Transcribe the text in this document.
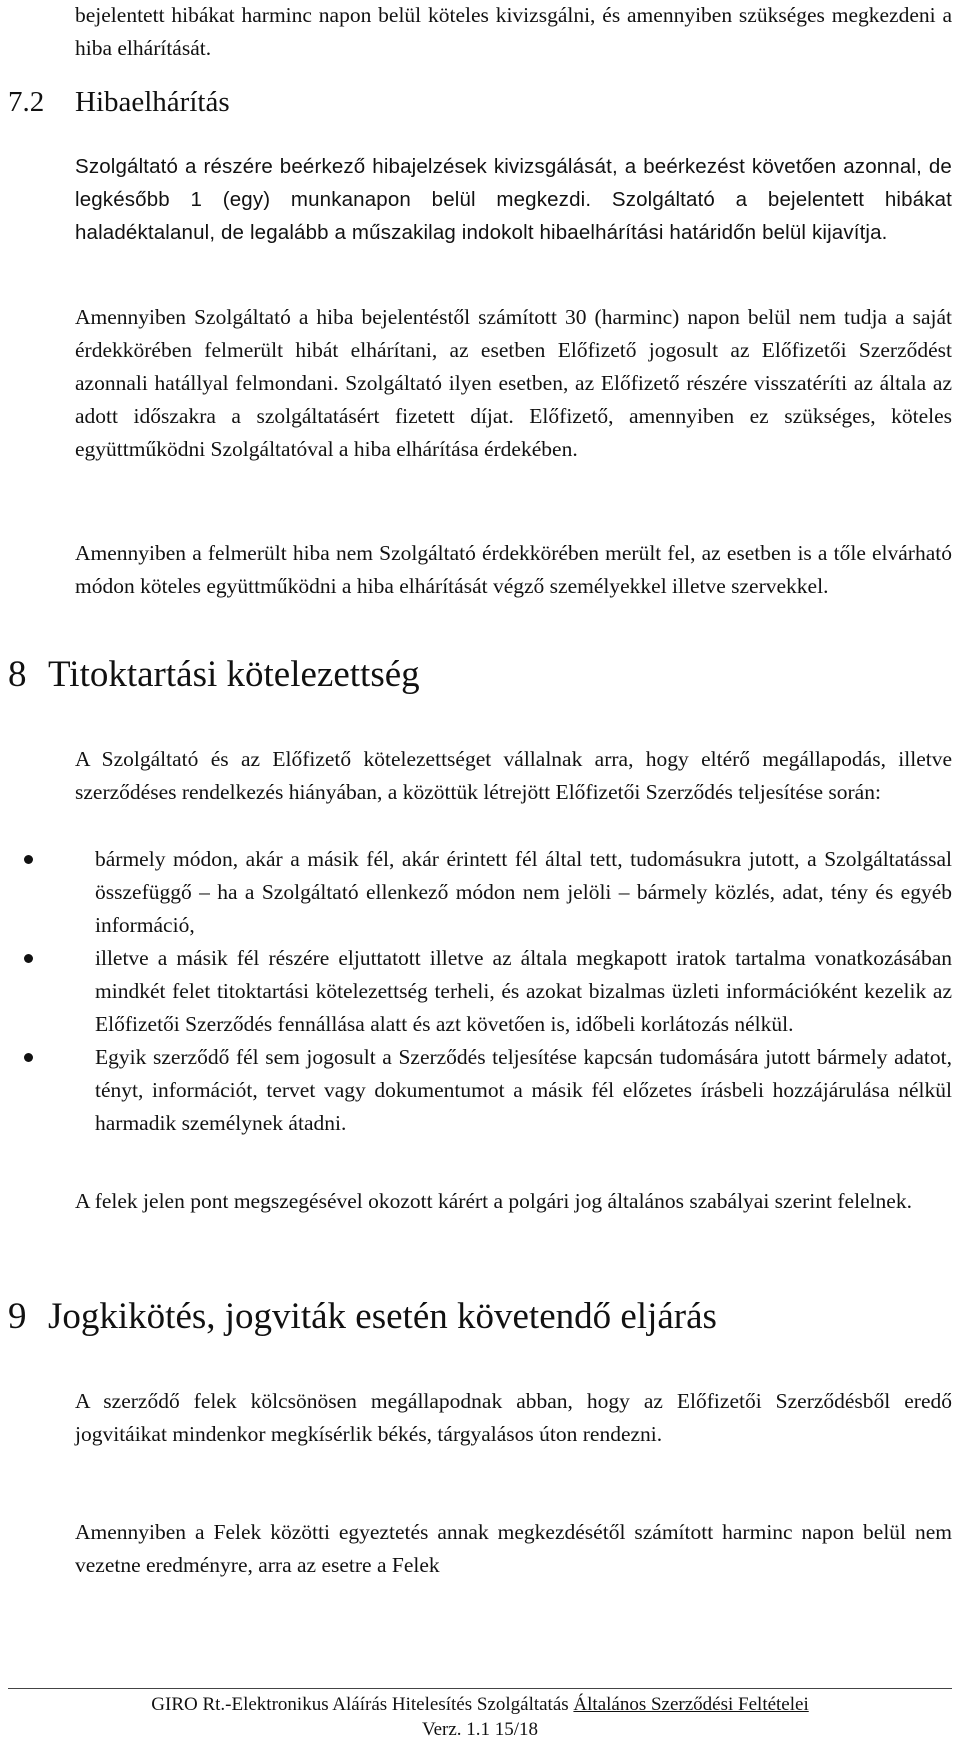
bejelentett hibákat harminc napon belül köteles kivizsgálni, és amennyiben szükséges megkezdeni a hiba elhárítását.

7.2 Hibaelhárítás

Szolgáltató a részére beérkező hibajelzések kivizsgálását, a beérkezést követően azonnal, de legkésőbb 1 (egy) munkanapon belül megkezdi. Szolgáltató a bejelentett hibákat haladéktalanul, de legalább a műszakilag indokolt hibaelhárítási határidőn belül kijavítja.

Amennyiben Szolgáltató a hiba bejelentéstől számított 30 (harminc) napon belül nem tudja a saját érdekkörében felmerült hibát elhárítani, az esetben Előfizető jogosult az Előfizetői Szerződést azonnali hatállyal felmondani. Szolgáltató ilyen esetben, az Előfizető részére visszatéríti az általa az adott időszakra a szolgáltatásért fizetett díjat. Előfizető, amennyiben ez szükséges, köteles együttműködni Szolgáltatóval a hiba elhárítása érdekében.

Amennyiben a felmerült hiba nem Szolgáltató érdekkörében merült fel, az esetben is a tőle elvárható módon köteles együttműködni a hiba elhárítását végző személyekkel illetve szervekkel.

8 Titoktartási kötelezettség

A Szolgáltató és az Előfizető kötelezettséget vállalnak arra, hogy eltérő megállapodás, illetve szerződéses rendelkezés hiányában, a közöttük létrejött Előfizetői Szerződés teljesítése során:

bármely módon, akár a másik fél, akár érintett fél által tett, tudomásukra jutott, a Szolgáltatással összefüggő – ha a Szolgáltató ellenkező módon nem jelöli – bármely közlés, adat, tény és egyéb információ,
illetve a másik fél részére eljuttatott illetve az általa megkapott iratok tartalma vonatkozásában mindkét felet titoktartási kötelezettség terheli, és azokat bizalmas üzleti információként kezelik az Előfizetői Szerződés fennállása alatt és azt követően is, időbeli korlátozás nélkül.
Egyik szerződő fél sem jogosult a Szerződés teljesítése kapcsán tudomására jutott bármely adatot, tényt, információt, tervet vagy dokumentumot a másik fél előzetes írásbeli hozzájárulása nélkül harmadik személynek átadni.

A felek jelen pont megszegésével okozott kárért a polgári jog általános szabályai szerint felelnek.

9 Jogkikötés, jogviták esetén követendő eljárás

A szerződő felek kölcsönösen megállapodnak abban, hogy az Előfizetői Szerződésből eredő jogvitáikat mindenkor megkísérlik békés, tárgyalásos úton rendezni.

Amennyiben a Felek közötti egyeztetés annak megkezdésétől számított harminc napon belül nem vezetne eredményre, arra az esetre a Felek

GIRO Rt.-Elektronikus Aláírás Hitelesítés Szolgáltatás Általános Szerződési Feltételei
Verz. 1.1 15/18
